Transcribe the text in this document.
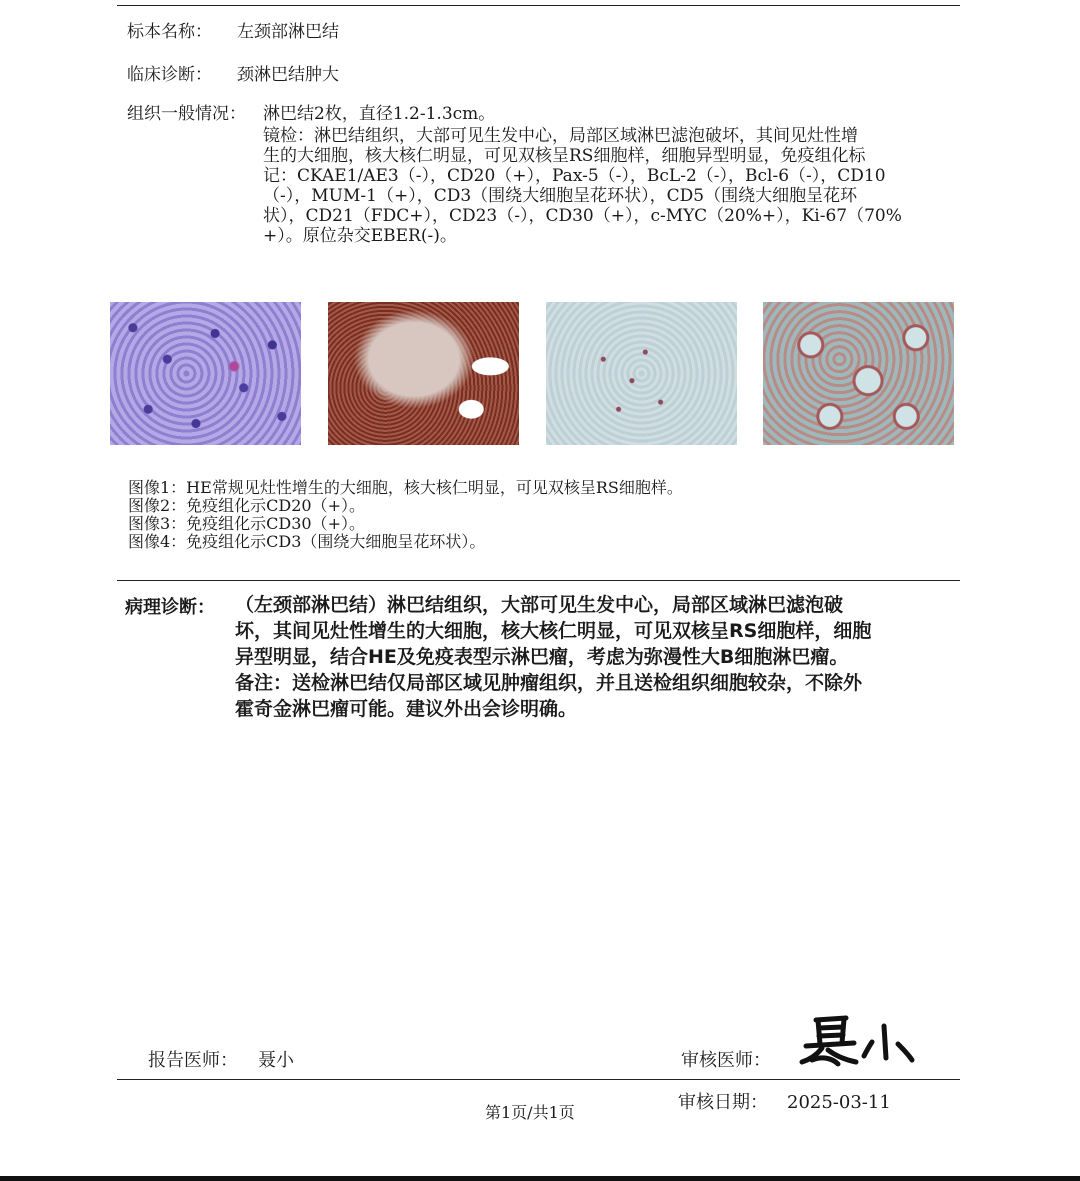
标本名称： 左颈部淋巴结
临床诊断： 颈淋巴结肿大
组织一般情况： 淋巴结2枚，直径1.2-1.3cm。
镜检：淋巴结组织，大部可见生发中心，局部区域淋巴滤泡破坏，其间见灶性增
生的大细胞，核大核仁明显，可见双核呈RS细胞样，细胞异型明显，免疫组化标
记：CKAE1/AE3（-），CD20（+），Pax-5（-），BcL-2（-），Bcl-6（-），CD10
（-），MUM-1（+），CD3（围绕大细胞呈花环状），CD5（围绕大细胞呈花环
状），CD21（FDC+），CD23（-），CD30（+），c-MYC（20%+），Ki-67（70%
+）。原位杂交EBER(-)。
图像1：HE常规见灶性增生的大细胞，核大核仁明显，可见双核呈RS细胞样。
图像2：免疫组化示CD20（+）。
图像3：免疫组化示CD30（+）。
图像4：免疫组化示CD3（围绕大细胞呈花环状）。
病理诊断： （左颈部淋巴结）淋巴结组织，大部可见生发中心，局部区域淋巴滤泡破
坏，其间见灶性增生的大细胞，核大核仁明显，可见双核呈RS细胞样，细胞
异型明显，结合HE及免疫表型示淋巴瘤，考虑为弥漫性大B细胞淋巴瘤。
备注：送检淋巴结仅局部区域见肿瘤组织，并且送检组织细胞较杂，不除外
霍奇金淋巴瘤可能。建议外出会诊明确。
报告医师： 聂小	审核医师：
第1页/共1页	审核日期： 2025-03-11
